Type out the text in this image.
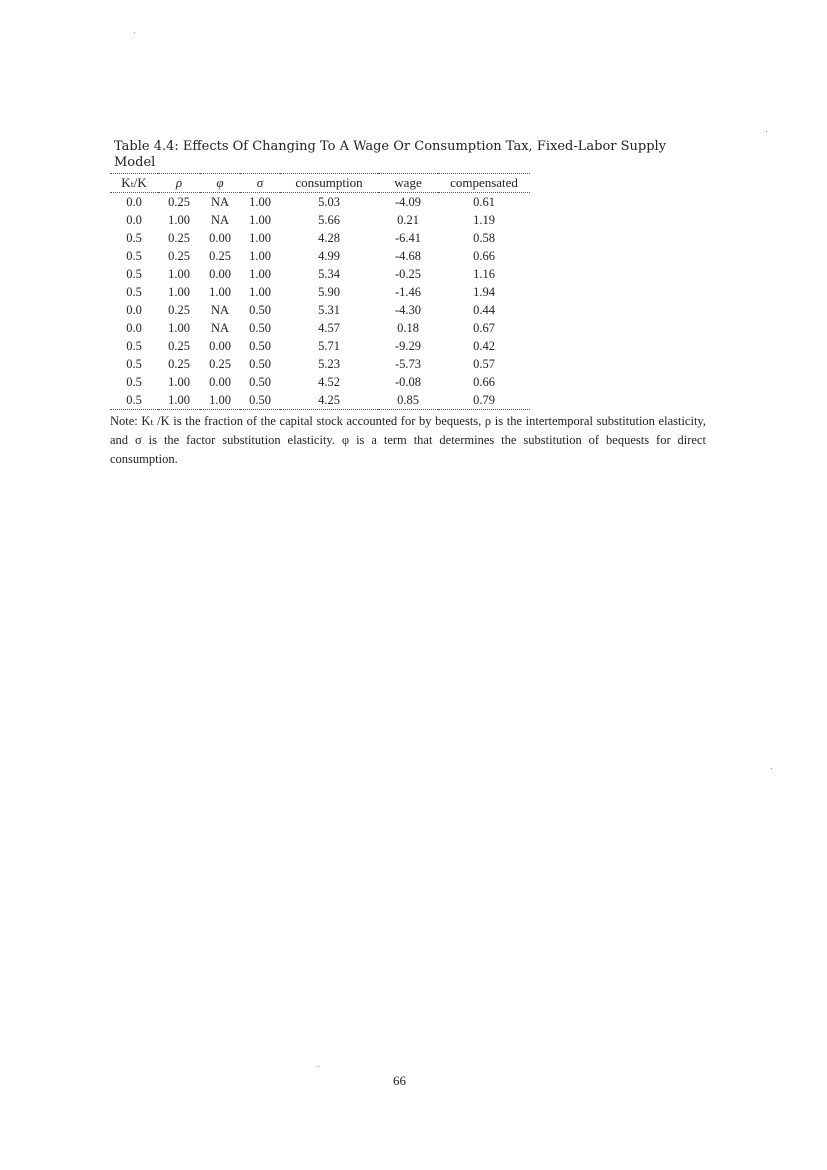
Table 4.4: Effects Of Changing To A Wage Or Consumption Tax, Fixed-Labor Supply Model
Kₜ/K	ρ	φ	σ	consumption	wage	compensated
0.0	0.25	NA	1.00	5.03	-4.09	0.61
0.0	1.00	NA	1.00	5.66	0.21	1.19
0.5	0.25	0.00	1.00	4.28	-6.41	0.58
0.5	0.25	0.25	1.00	4.99	-4.68	0.66
0.5	1.00	0.00	1.00	5.34	-0.25	1.16
0.5	1.00	1.00	1.00	5.90	-1.46	1.94
0.0	0.25	NA	0.50	5.31	-4.30	0.44
0.0	1.00	NA	0.50	4.57	0.18	0.67
0.5	0.25	0.00	0.50	5.71	-9.29	0.42
0.5	0.25	0.25	0.50	5.23	-5.73	0.57
0.5	1.00	0.00	0.50	4.52	-0.08	0.66
0.5	1.00	1.00	0.50	4.25	0.85	0.79
Note: Kₜ /K is the fraction of the capital stock accounted for by bequests, ρ is the intertemporal substitution elasticity, and σ is the factor substitution elasticity. φ is a term that determines the substitution of bequests for direct consumption.
66
